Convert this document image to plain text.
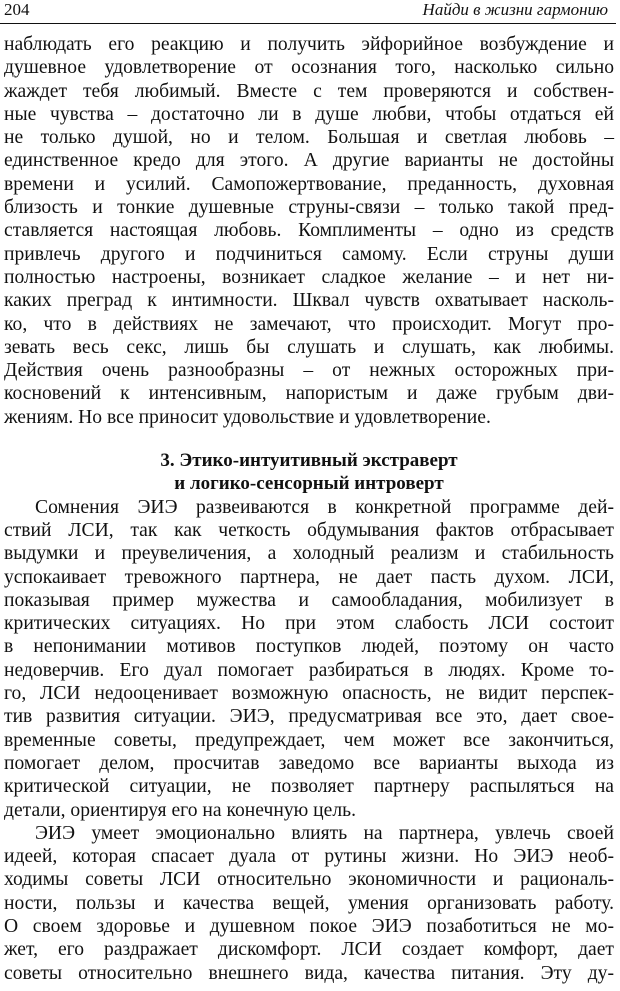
204	Найди в жизни гармонию
наблюдать его реакцию и получить эйфорийное возбуждение и
душевное удовлетворение от осознания того, насколько сильно
жаждет тебя любимый. Вместе с тем проверяются и собствен-
ные чувства – достаточно ли в душе любви, чтобы отдаться ей
не только душой, но и телом. Большая и светлая любовь –
единственное кредо для этого. А другие варианты не достойны
времени и усилий. Самопожертвование, преданность, духовная
близость и тонкие душевные струны-связи – только такой пред-
ставляется настоящая любовь. Комплименты – одно из средств
привлечь другого и подчиниться самому. Если струны души
полностью настроены, возникает сладкое желание – и нет ни-
каких преград к интимности. Шквал чувств охватывает насколь-
ко, что в действиях не замечают, что происходит. Могут про-
зевать весь секс, лишь бы слушать и слушать, как любимы.
Действия очень разнообразны – от нежных осторожных при-
косновений к интенсивным, напористым и даже грубым дви-
жениям. Но все приносит удовольствие и удовлетворение.
3. Этико-интуитивный экстраверт
и логико-сенсорный интроверт
Сомнения ЭИЭ развеиваются в конкретной программе дей-
ствий ЛСИ, так как четкость обдумывания фактов отбрасывает
выдумки и преувеличения, а холодный реализм и стабильность
успокаивает тревожного партнера, не дает пасть духом. ЛСИ,
показывая пример мужества и самообладания, мобилизует в
критических ситуациях. Но при этом слабость ЛСИ состоит
в непонимании мотивов поступков людей, поэтому он часто
недоверчив. Его дуал помогает разбираться в людях. Кроме то-
го, ЛСИ недооценивает возможную опасность, не видит перспек-
тив развития ситуации. ЭИЭ, предусматривая все это, дает свое-
временные советы, предупреждает, чем может все закончиться,
помогает делом, просчитав заведомо все варианты выхода из
критической ситуации, не позволяет партнеру распыляться на
детали, ориентируя его на конечную цель.
ЭИЭ умеет эмоционально влиять на партнера, увлечь своей
идеей, которая спасает дуала от рутины жизни. Но ЭИЭ необ-
ходимы советы ЛСИ относительно экономичности и рациональ-
ности, пользы и качества вещей, умения организовать работу.
О своем здоровье и душевном покое ЭИЭ позаботиться не мо-
жет, его раздражает дискомфорт. ЛСИ создает комфорт, дает
советы относительно внешнего вида, качества питания. Эту ду-
